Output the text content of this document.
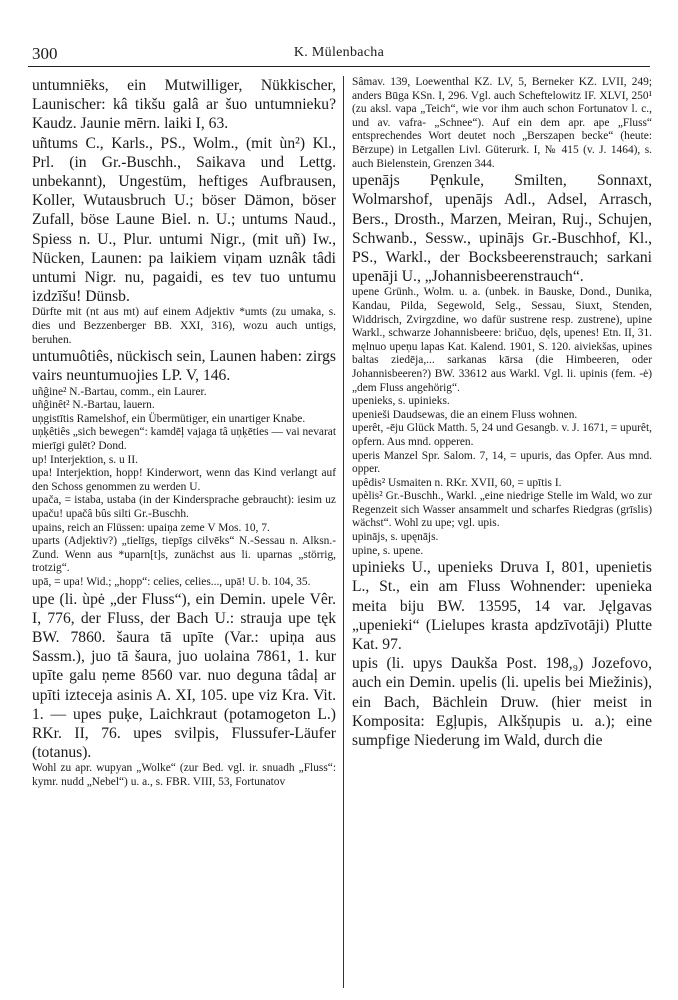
300	K. Mülenbacha
untumniēks, ein Mutwilliger, Nükkischer, Launischer: kâ tikšu galâ ar šuo untumnieku? Kaudz. Jaunie mērn. laiki I, 63.
uñtums C., Karls., PS., Wolm., (mit ùn²) Kl., Prl. (in Gr.-Buschh., Saikava und Lettg. unbekannt), Ungestüm, heftiges Aufbrausen, Koller, Wutausbruch U.; böser Dämon, böser Zufall, böse Laune Biel. n. U.; untums Naud., Spiess n. U., Plur. untumi Nigr., (mit uñ) Iw., Nücken, Launen: pa laikiem viņam uznâk tâdi untumi Nigr. nu, pagaidi, es tev tuo untumu izdzīšu! Dünsb.
Dürfte mit (nt aus mt) auf einem Adjektiv *umts (zu umaka, s. dies und Bezzenberger BB. XXI, 316), wozu auch untigs, beruhen.
untumuôtiês, nückisch sein, Launen haben: zirgs vairs neuntumuojies LP. V, 146.
uñĝine² N.-Bartau, comm., ein Laurer.
uñĝinêt² N.-Bartau, lauern.
uņgistītis Ramelshof, ein Übermütiger, ein unartiger Knabe.
uņķêtiês „sich bewegen“: kamdēļ vajaga tâ uņķēties — vai nevarat mierīgi gulēt? Dond.
up! Interjektion, s. u II.
upa! Interjektion, hopp! Kinderwort, wenn das Kind verlangt auf den Schoss genommen zu werden U.
upača, = istaba, ustaba (in der Kindersprache gebraucht): iesim uz upaču! upačâ bûs silti Gr.-Buschh.
upains, reich an Flüssen: upaiņa zeme V Mos. 10, 7.
uparts (Adjektiv?) „tielīgs, tiepīgs cilvēks“ N.-Sessau n. Alksn.-Zund. Wenn aus *uparn[t]s, zunächst aus li. uparnas „störrig, trotzig“.
upā, = upa! Wid.; „hopp“: celies, celies..., upā! U. b. 104, 35.
upe (li. ùpė „der Fluss“), ein Demin. upele Vêr. I, 776, der Fluss, der Bach U.: strauja upe tęk BW. 7860. šaura tā upīte (Var.: upiņa aus Sassm.), juo tā šaura, juo uolaina 7861, 1. kur upīte galu ņeme 8560 var. nuo deguna tâdaļ ar upīti izteceja asinis A. XI, 105. upe viz Kra. Vit. 1. — upes puķe, Laichkraut (potamogeton L.) RKr. II, 76. upes svilpis, Flussufer-Läufer (totanus).
Wohl zu apr. wupyan „Wolke“ (zur Bed. vgl. ir. snuadh „Fluss“: kymr. nudd „Nebel“) u. a., s. FBR. VIII, 53, Fortunatov
Sâmav. 139, Loewenthal KZ. LV, 5, Berneker KZ. LVII, 249; anders Būga KSn. I, 296. Vgl. auch Scheftelowitz IF. XLVI, 250¹ (zu aksl. vapa „Teich“, wie vor ihm auch schon Fortunatov l. c., und av. vafra- „Schnee“). Auf ein dem apr. ape „Fluss“ entsprechendes Wort deutet noch „Berszapen becke“ (heute: Bērzupe) in Letgallen Livl. Güterurk. I, № 415 (v. J. 1464), s. auch Bielenstein, Grenzen 344.
upenājs Pęnkule, Smilten, Sonnaxt, Wolmarshof, upenājs Adl., Adsel, Arrasch, Bers., Drosth., Marzen, Meiran, Ruj., Schujen, Schwanb., Sessw., upinājs Gr.-Buschhof, Kl., PS., Warkl., der Bocksbeerenstrauch; sarkani upenāji U., „Johannisbeerenstrauch“.
upene Grünh., Wolm. u. a. (unbek. in Bauske, Dond., Dunika, Kandau, Pilda, Segewold, Selg., Sessau, Siuxt, Stenden, Widdrisch, Zvirgzdine, wo dafür sustrene resp. zustrene), upine Warkl., schwarze Johannisbeere: bričuo, dęls, upenes! Etn. II, 31. męlnuo upeņu lapas Kat. Kalend. 1901, S. 120. aiviekšas, upines baltas ziedēja,... sarkanas kārsa (die Himbeeren, oder Johannisbeeren?) BW. 33612 aus Warkl. Vgl. li. upinis (fem. -ė) „dem Fluss angehörig“.
upenieks, s. upinieks.
upenieši Daudsewas, die an einem Fluss wohnen.
uperêt, -ēju Glück Matth. 5, 24 und Gesangb. v. J. 1671, = upurêt, opfern. Aus mnd. opperen.
uperis Manzel Spr. Salom. 7, 14, = upuris, das Opfer. Aus mnd. opper.
upêdis² Usmaiten n. RKr. XVII, 60, = upītis I.
upèlis² Gr.-Buschh., Warkl. „eine niedrige Stelle im Wald, wo zur Regenzeit sich Wasser ansammelt und scharfes Riedgras (grīslis) wächst“. Wohl zu upe; vgl. upis.
upinājs, s. upęnājs.
upine, s. upene.
upinieks U., upenieks Druva I, 801, upenietis L., St., ein am Fluss Wohnender: upenieka meita biju BW. 13595, 14 var. Jęlgavas „upenieki“ (Lielupes krasta apdzīvotāji) Plutte Kat. 97.
upis (li. upys Daukša Post. 198,₉) Jozefovo, auch ein Demin. upelis (li. upelis bei Miežinis), ein Bach, Bächlein Druw. (hier meist in Komposita: Egļupis, Alkšņupis u. a.); eine sumpfige Niederung im Wald, durch die
